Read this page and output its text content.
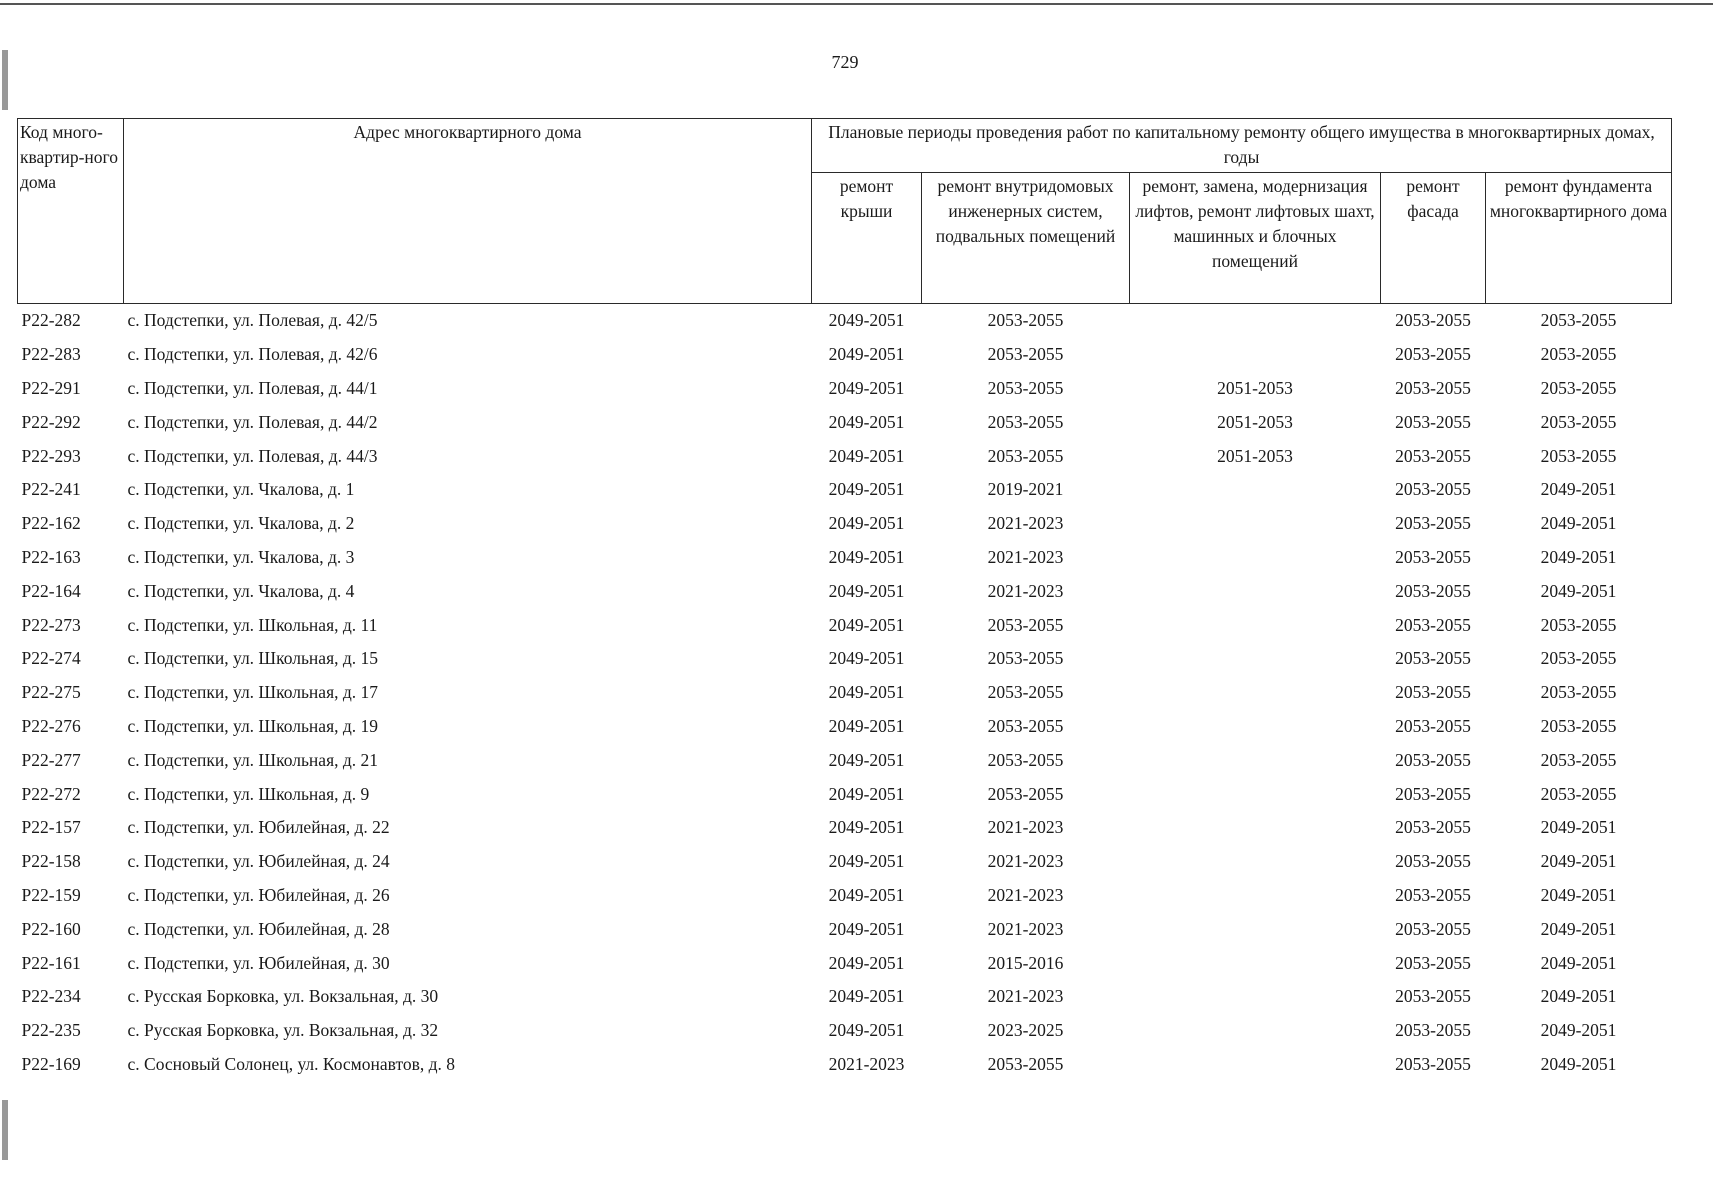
729
Код много-квартир-ного дома	Адрес многоквартирного дома	Плановые периоды проведения работ по капитальному ремонту общего имущества в многоквартирных домах, годы				
		ремонт крыши	ремонт внутридомовых инженерных систем, подвальных помещений	ремонт, замена, модернизация лифтов, ремонт лифтовых шахт, машинных и блочных помещений	ремонт фасада	ремонт фундамента многоквартирного дома
Р22-282	с. Подстепки, ул. Полевая, д. 42/5	2049-2051	2053-2055		2053-2055	2053-2055
Р22-283	с. Подстепки, ул. Полевая, д. 42/6	2049-2051	2053-2055		2053-2055	2053-2055
Р22-291	с. Подстепки, ул. Полевая, д. 44/1	2049-2051	2053-2055	2051-2053	2053-2055	2053-2055
Р22-292	с. Подстепки, ул. Полевая, д. 44/2	2049-2051	2053-2055	2051-2053	2053-2055	2053-2055
Р22-293	с. Подстепки, ул. Полевая, д. 44/3	2049-2051	2053-2055	2051-2053	2053-2055	2053-2055
Р22-241	с. Подстепки, ул. Чкалова, д. 1	2049-2051	2019-2021		2053-2055	2049-2051
Р22-162	с. Подстепки, ул. Чкалова, д. 2	2049-2051	2021-2023		2053-2055	2049-2051
Р22-163	с. Подстепки, ул. Чкалова, д. 3	2049-2051	2021-2023		2053-2055	2049-2051
Р22-164	с. Подстепки, ул. Чкалова, д. 4	2049-2051	2021-2023		2053-2055	2049-2051
Р22-273	с. Подстепки, ул. Школьная, д. 11	2049-2051	2053-2055		2053-2055	2053-2055
Р22-274	с. Подстепки, ул. Школьная, д. 15	2049-2051	2053-2055		2053-2055	2053-2055
Р22-275	с. Подстепки, ул. Школьная, д. 17	2049-2051	2053-2055		2053-2055	2053-2055
Р22-276	с. Подстепки, ул. Школьная, д. 19	2049-2051	2053-2055		2053-2055	2053-2055
Р22-277	с. Подстепки, ул. Школьная, д. 21	2049-2051	2053-2055		2053-2055	2053-2055
Р22-272	с. Подстепки, ул. Школьная, д. 9	2049-2051	2053-2055		2053-2055	2053-2055
Р22-157	с. Подстепки, ул. Юбилейная, д. 22	2049-2051	2021-2023		2053-2055	2049-2051
Р22-158	с. Подстепки, ул. Юбилейная, д. 24	2049-2051	2021-2023		2053-2055	2049-2051
Р22-159	с. Подстепки, ул. Юбилейная, д. 26	2049-2051	2021-2023		2053-2055	2049-2051
Р22-160	с. Подстепки, ул. Юбилейная, д. 28	2049-2051	2021-2023		2053-2055	2049-2051
Р22-161	с. Подстепки, ул. Юбилейная, д. 30	2049-2051	2015-2016		2053-2055	2049-2051
Р22-234	с. Русская Борковка, ул. Вокзальная, д. 30	2049-2051	2021-2023		2053-2055	2049-2051
Р22-235	с. Русская Борковка, ул. Вокзальная, д. 32	2049-2051	2023-2025		2053-2055	2049-2051
Р22-169	с. Сосновый Солонец, ул. Космонавтов, д. 8	2021-2023	2053-2055		2053-2055	2049-2051
